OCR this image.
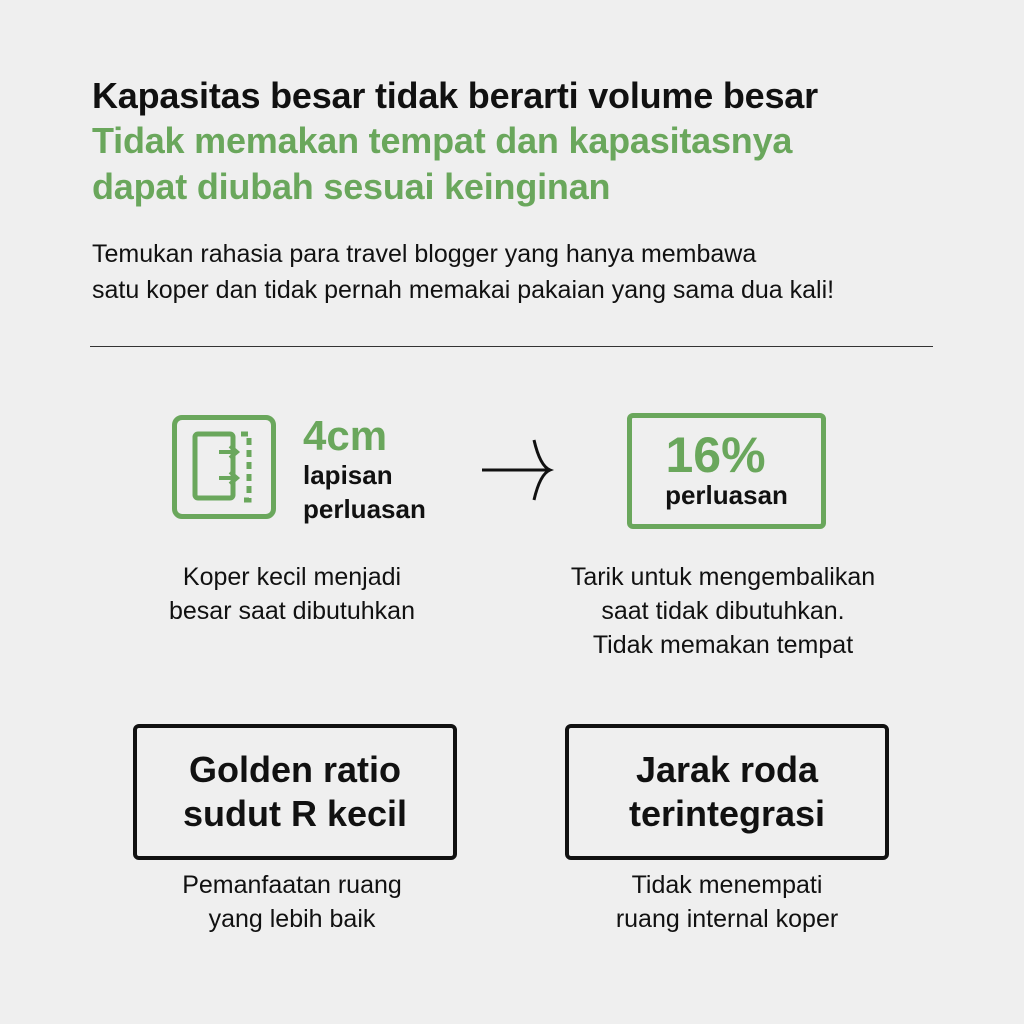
Kapasitas besar tidak berarti volume besar
Tidak memakan tempat dan kapasitasnya
dapat diubah sesuai keinginan
Temukan rahasia para travel blogger yang hanya membawa
satu koper dan tidak pernah memakai pakaian yang sama dua kali!
4cm
lapisan
perluasan
16%
perluasan
Koper kecil menjadi
besar saat dibutuhkan
Tarik untuk mengembalikan
saat tidak dibutuhkan.
Tidak memakan tempat
Golden ratio
sudut R kecil
Jarak roda
terintegrasi
Pemanfaatan ruang
yang lebih baik
Tidak menempati
ruang internal koper
